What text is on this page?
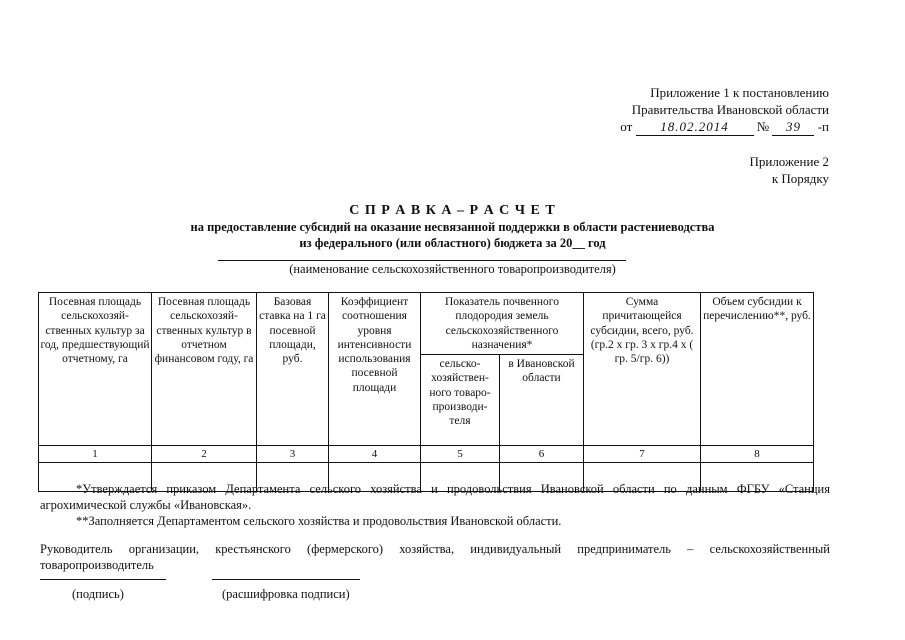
Приложение 1 к постановлению
Правительства Ивановской области
от 18.02.2014 № 39 -п
Приложение 2
к Порядку
С П Р А В К А – Р А С Ч Е Т
на предоставление субсидий на оказание несвязанной поддержки в области растениеводства
из федерального (или областного) бюджета за 20__ год
(наименование сельскохозяйственного товаропроизводителя)
Посевная площадь сельскохозяй-ственных культур за год, предшествующий отчетному, га	Посевная площадь сельскохозяй-ственных культур в отчетном финансовом году, га	Базовая ставка на 1 га посевной площади, руб.	Коэффициент соотношения уровня интенсивности использования посевной площади	Показатель почвенного плодородия земель сельскохозяйственного назначения*		Сумма причитающейся субсидии, всего, руб. (гр.2 х гр. 3 х гр.4 х ( гр. 5/гр. 6))	Объем субсидии к перечислению**, руб.
				сельско-хозяйствен-ного товаро-производи-теля	в Ивановской области		
1	2	3	4	5	6	7	8

*Утверждается приказом Департамента сельского хозяйства и продовольствия Ивановской области по данным ФГБУ «Станция агрохимической службы «Ивановская».
**Заполняется Департаментом сельского хозяйства и продовольствия Ивановской области.
Руководитель организации, крестьянского (фермерского) хозяйства, индивидуальный предприниматель – сельскохозяйственный товаропроизводитель
(подпись)	(расшифровка подписи)
